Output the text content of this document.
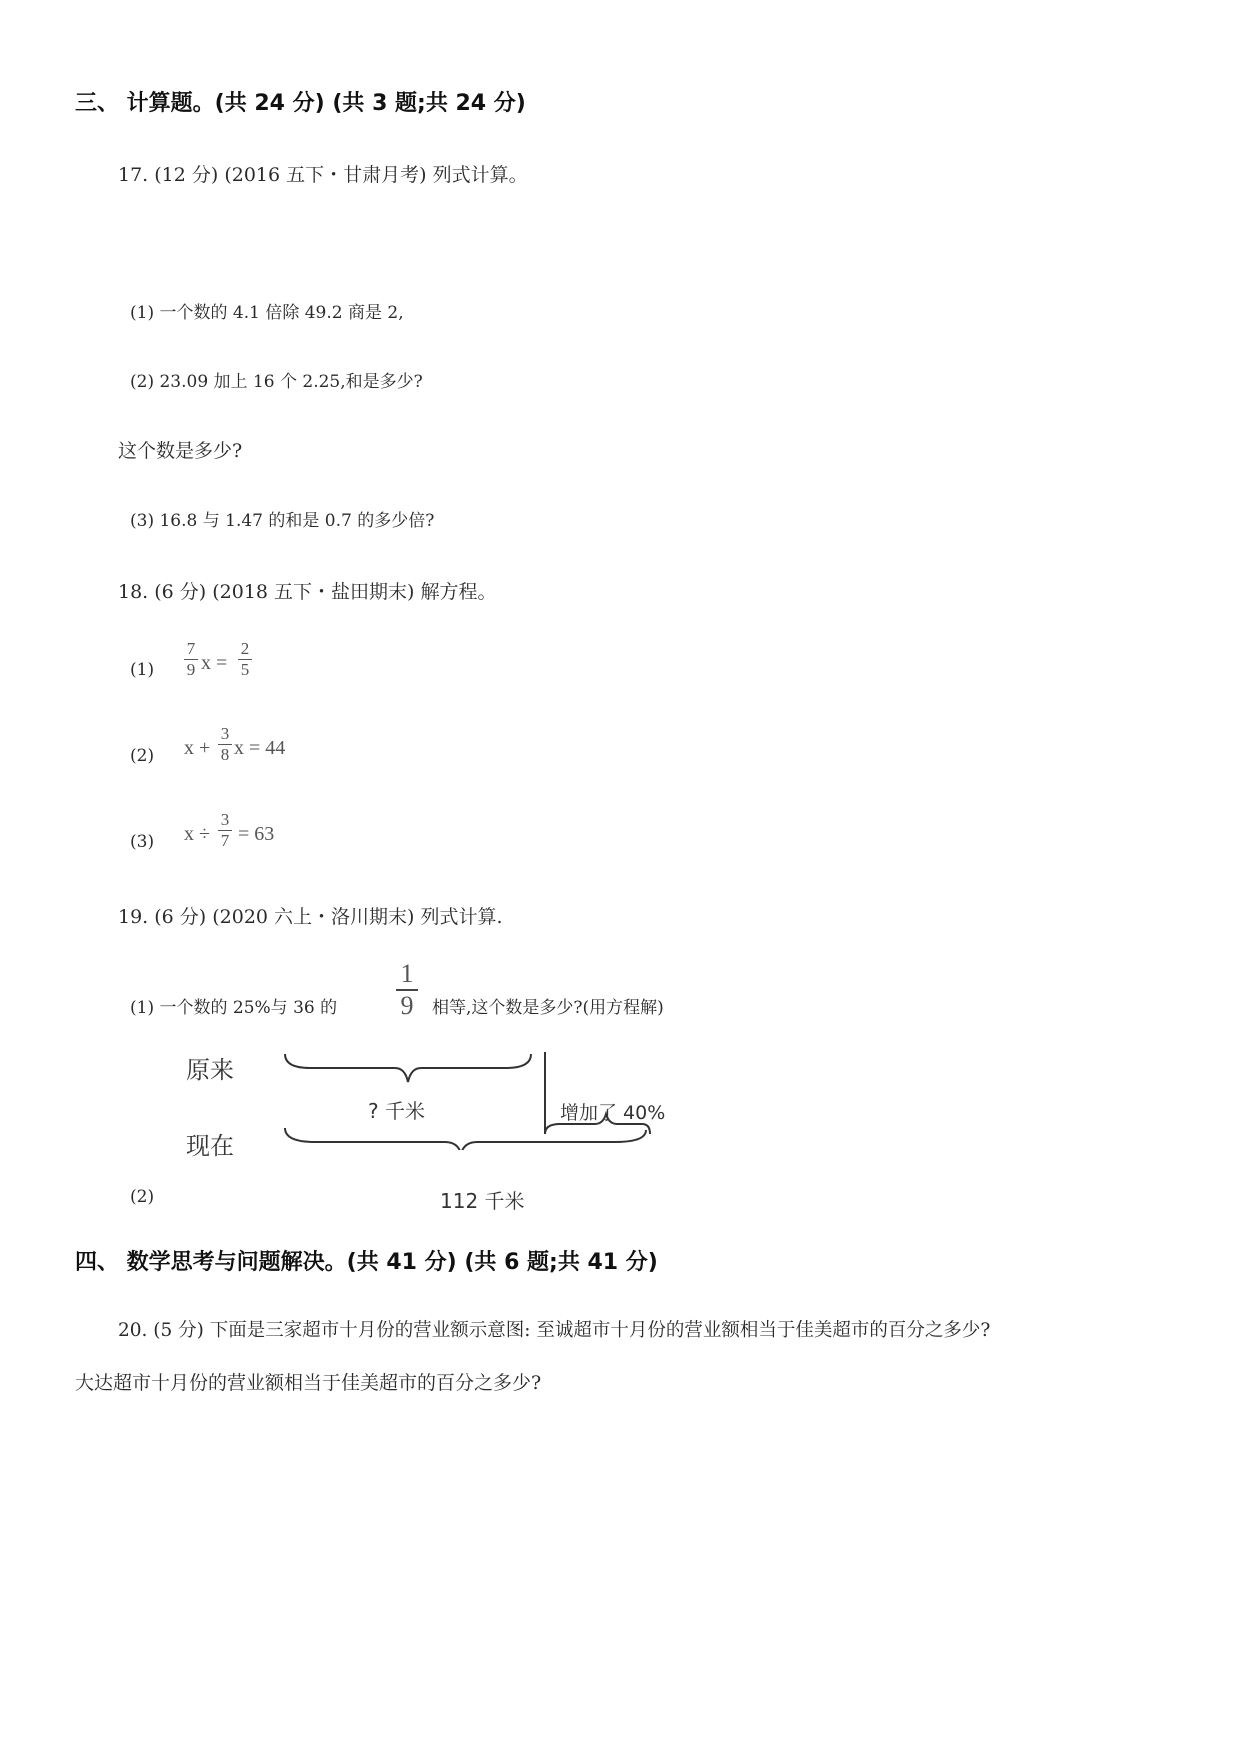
三、 计算题。(共 24 分) (共 3 题;共 24 分)
17. (12 分) (2016 五下・甘肃月考) 列式计算。
(1) 一个数的 4.1 倍除 49.2 商是 2,
(2) 23.09 加上 16 个 2.25,和是多少?
这个数是多少?
(3) 16.8 与 1.47 的和是 0.7 的多少倍?
18. (6 分) (2018 五下・盐田期末) 解方程。
(1)
7
9 x =
2
5
(2) x +
3
8 x = 44
(3) x ÷
3
7 = 63
19. (6 分) (2020 六上・洛川期末) 列式计算.
(1) 一个数的 25%与 36 的
1
9 相等,这个数是多少?(用方程解)
原来
现在
? 千米	增加了 40%
(2)	112 千米
四、 数学思考与问题解决。(共 41 分) (共 6 题;共 41 分)
20. (5 分) 下面是三家超市十月份的营业额示意图: 至诚超市十月份的营业额相当于佳美超市的百分之多少?
大达超市十月份的营业额相当于佳美超市的百分之多少?
